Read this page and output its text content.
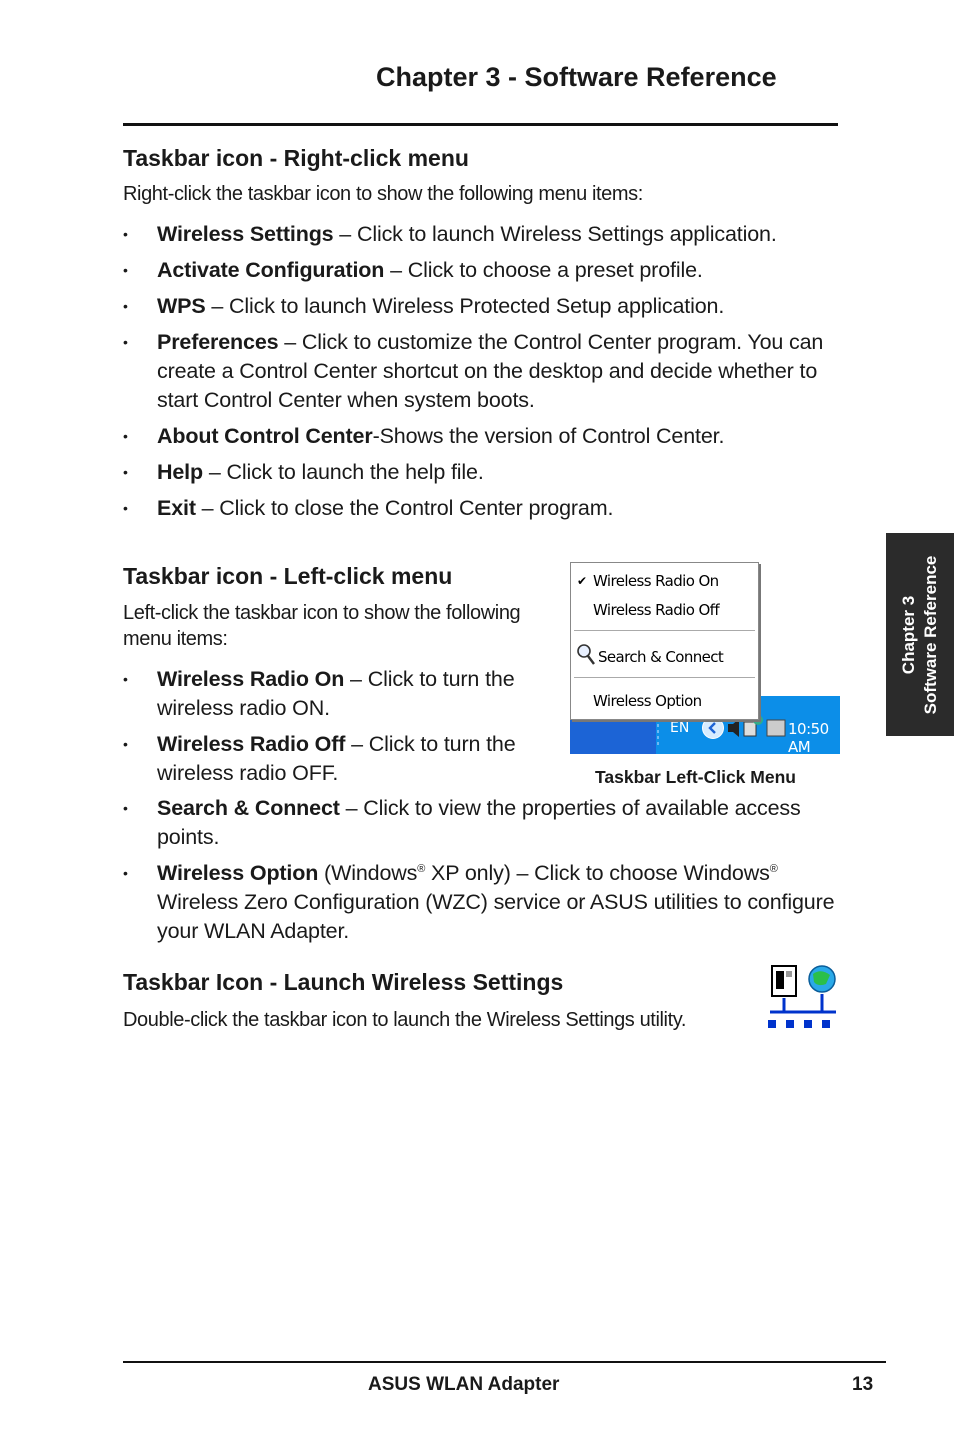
Chapter 3 - Software Reference
Taskbar icon - Right-click menu
Right-click the taskbar icon to show the following menu items:
• Wireless Settings – Click to launch Wireless Settings application.
• Activate Configuration – Click to choose a preset profile.
• WPS – Click to launch Wireless Protected Setup application.
• Preferences – Click to customize the Control Center program. You can create a Control Center shortcut on the desktop and decide whether to start Control Center when system boots.
• About Control Center-Shows the version of Control Center.
• Help – Click to launch the help file.
• Exit – Click to close the Control Center program.
Taskbar icon - Left-click menu
Left-click the taskbar icon to show the following menu items:
• Wireless Radio On – Click to turn the wireless radio ON.
• Wireless Radio Off – Click to turn the wireless radio OFF.
• Search & Connect – Click to view the properties of available access points.
• Wireless Option (Windows® XP only) – Click to choose Windows® Wireless Zero Configuration (WZC) service or ASUS utilities to configure your WLAN Adapter.
EN	10:50 AM
✔ Wireless Radio On
Wireless Radio Off
Search & Connect
Wireless Option
Taskbar Left-Click Menu
Taskbar Icon - Launch Wireless Settings
Double-click the taskbar icon to launch the Wireless Settings utility.
Chapter 3 Software Reference
ASUS WLAN Adapter	13
